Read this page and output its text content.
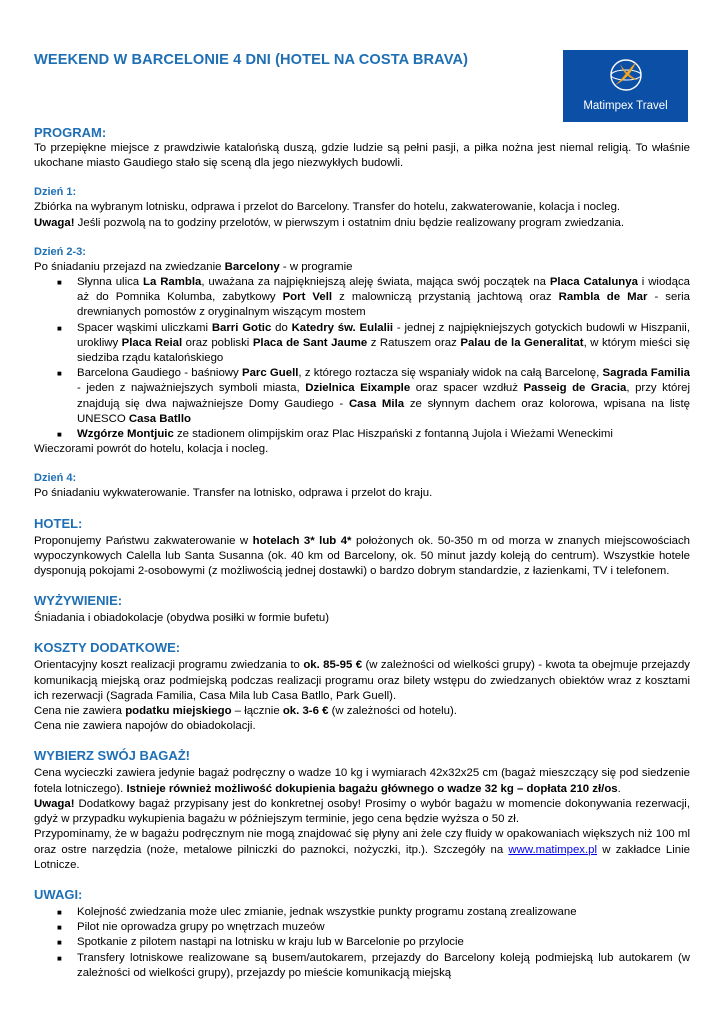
WEEKEND W BARCELONIE 4 DNI (HOTEL NA COSTA BRAVA)
Matimpex Travel
PROGRAM:

To przepiękne miejsce z prawdziwie katalońską duszą, gdzie ludzie są pełni pasji, a piłka nożna jest niemal religią. To właśnie ukochane miasto Gaudiego stało się sceną dla jego niezwykłych budowli.

Dzień 1:

Zbiórka na wybranym lotnisku, odprawa i przelot do Barcelony. Transfer do hotelu, zakwaterowanie, kolacja i nocleg.

Uwaga! Jeśli pozwolą na to godziny przelotów, w pierwszym i ostatnim dniu będzie realizowany program zwiedzania.

Dzień 2-3:

Po śniadaniu przejazd na zwiedzanie Barcelony - w programie

■ Słynna ulica La Rambla, uważana za najpiękniejszą aleję świata, mająca swój początek na Placa Catalunya i wiodąca aż do Pomnika Kolumba, zabytkowy Port Vell z malowniczą przystanią jachtową oraz Rambla de Mar - seria drewnianych pomostów z oryginalnym wiszącym mostem
■ Spacer wąskimi uliczkami Barri Gotic do Katedry św. Eulalii - jednej z najpiękniejszych gotyckich budowli w Hiszpanii, urokliwy Placa Reial oraz pobliski Placa de Sant Jaume z Ratuszem oraz Palau de la Generalitat, w którym mieści się siedziba rządu katalońskiego
■ Barcelona Gaudiego - baśniowy Parc Guell, z którego roztacza się wspaniały widok na całą Barcelonę, Sagrada Familia - jeden z najważniejszych symboli miasta, Dzielnica Eixample oraz spacer wzdłuż Passeig de Gracia, przy której znajdują się dwa najważniejsze Domy Gaudiego - Casa Mila ze słynnym dachem oraz kolorowa, wpisana na listę UNESCO Casa Batllo
■ Wzgórze Montjuic ze stadionem olimpijskim oraz Plac Hiszpański z fontanną Jujola i Wieżami Weneckimi

Wieczorami powrót do hotelu, kolacja i nocleg.

Dzień 4:

Po śniadaniu wykwaterowanie. Transfer na lotnisko, odprawa i przelot do kraju.

HOTEL:

Proponujemy Państwu zakwaterowanie w hotelach 3* lub 4* położonych ok. 50-350 m od morza w znanych miejscowościach wypoczynkowych Calella lub Santa Susanna (ok. 40 km od Barcelony, ok. 50 minut jazdy koleją do centrum). Wszystkie hotele dysponują pokojami 2-osobowymi (z możliwością jednej dostawki) o bardzo dobrym standardzie, z łazienkami, TV i telefonem.

WYŻYWIENIE:

Śniadania i obiadokolacje (obydwa posiłki w formie bufetu)

KOSZTY DODATKOWE:

Orientacyjny koszt realizacji programu zwiedzania to ok. 85-95 € (w zależności od wielkości grupy) - kwota ta obejmuje przejazdy komunikacją miejską oraz podmiejską podczas realizacji programu oraz bilety wstępu do zwiedzanych obiektów wraz z kosztami ich rezerwacji (Sagrada Familia, Casa Mila lub Casa Batllo, Park Guell).

Cena nie zawiera podatku miejskiego – łącznie ok. 3-6 € (w zależności od hotelu).

Cena nie zawiera napojów do obiadokolacji.

WYBIERZ SWÓJ BAGAŻ!

Cena wycieczki zawiera jedynie bagaż podręczny o wadze 10 kg i wymiarach 42x32x25 cm (bagaż mieszczący się pod siedzenie fotela lotniczego). Istnieje również możliwość dokupienia bagażu głównego o wadze 32 kg – dopłata 210 zł/os.

Uwaga! Dodatkowy bagaż przypisany jest do konkretnej osoby! Prosimy o wybór bagażu w momencie dokonywania rezerwacji, gdyż w przypadku wykupienia bagażu w późniejszym terminie, jego cena będzie wyższa o 50 zł.

Przypominamy, że w bagażu podręcznym nie mogą znajdować się płyny ani żele czy fluidy w opakowaniach większych niż 100 ml oraz ostre narzędzia (noże, metalowe pilniczki do paznokci, nożyczki, itp.). Szczegóły na www.matimpex.pl w zakładce Linie Lotnicze.

UWAGI:
■ Kolejność zwiedzania może ulec zmianie, jednak wszystkie punkty programu zostaną zrealizowane
■ Pilot nie oprowadza grupy po wnętrzach muzeów
■ Spotkanie z pilotem nastąpi na lotnisku w kraju lub w Barcelonie po przylocie
■ Transfery lotniskowe realizowane są busem/autokarem, przejazdy do Barcelony koleją podmiejską lub autokarem (w zależności od wielkości grupy), przejazdy po mieście komunikacją miejską
